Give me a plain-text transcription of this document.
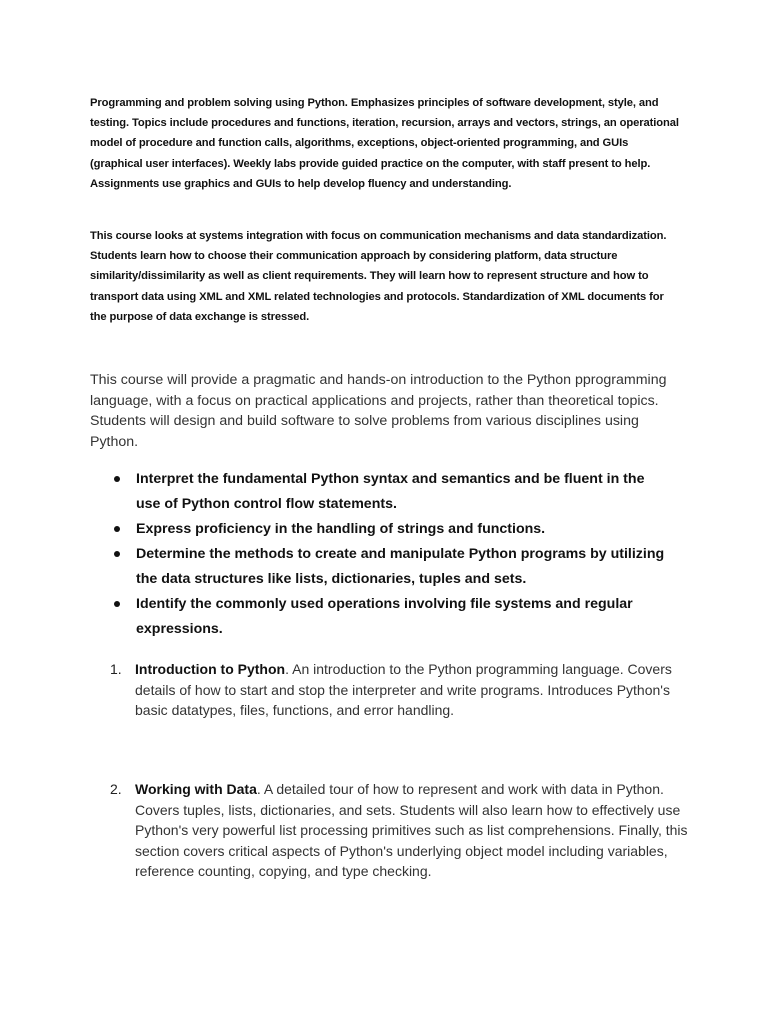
Programming and problem solving using Python. Emphasizes principles of software development, style, and testing. Topics include procedures and functions, iteration, recursion, arrays and vectors, strings, an operational model of procedure and function calls, algorithms, exceptions, object-oriented programming, and GUIs (graphical user interfaces). Weekly labs provide guided practice on the computer, with staff present to help. Assignments use graphics and GUIs to help develop fluency and understanding.

This course looks at systems integration with focus on communication mechanisms and data standardization. Students learn how to choose their communication approach by considering platform, data structure similarity/dissimilarity as well as client requirements. They will learn how to represent structure and how to transport data using XML and XML related technologies and protocols. Standardization of XML documents for the purpose of data exchange is stressed.

This course will provide a pragmatic and hands-on introduction to the Python pprogramming language, with a focus on practical applications and projects, rather than theoretical topics. Students will design and build software to solve problems from various disciplines using Python.

Interpret the fundamental Python syntax and semantics and be fluent in the use of Python control flow statements.
Express proficiency in the handling of strings and functions.
Determine the methods to create and manipulate Python programs by utilizing the data structures like lists, dictionaries, tuples and sets.
Identify the commonly used operations involving file systems and regular expressions.
1. Introduction to Python. An introduction to the Python programming language. Covers details of how to start and stop the interpreter and write programs. Introduces Python's basic datatypes, files, functions, and error handling.
2. Working with Data. A detailed tour of how to represent and work with data in Python. Covers tuples, lists, dictionaries, and sets. Students will also learn how to effectively use Python's very powerful list processing primitives such as list comprehensions. Finally, this section covers critical aspects of Python's underlying object model including variables, reference counting, copying, and type checking.
